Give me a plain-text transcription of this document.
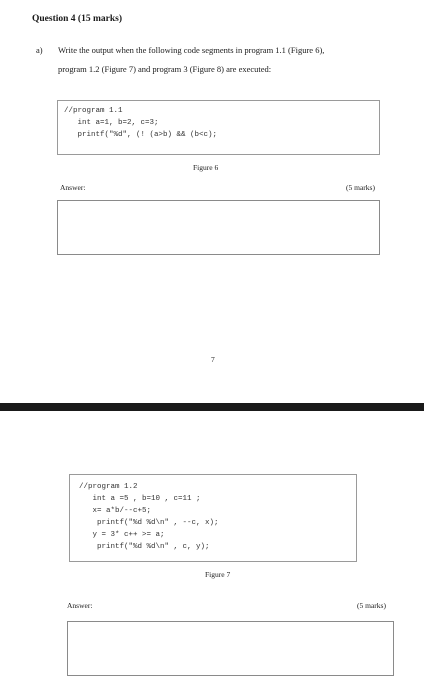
Question 4 (15 marks)
a) Write the output when the following code segments in program 1.1 (Figure 6),
program 1.2 (Figure 7) and program 3 (Figure 8) are executed:
//program 1.1
int a=1, b=2, c=3;
printf("%d", (! (a>b) && (b<c);
Figure 6
Answer:	(5 marks)
7
//program 1.2
int a =5 , b=10 , c=11 ;
x= a*b/--c+5;
printf("%d %d\n" , --c, x);
y = 3* c++ >= a;
printf("%d %d\n" , c, y);
Figure 7
Answer:	(5 marks)
